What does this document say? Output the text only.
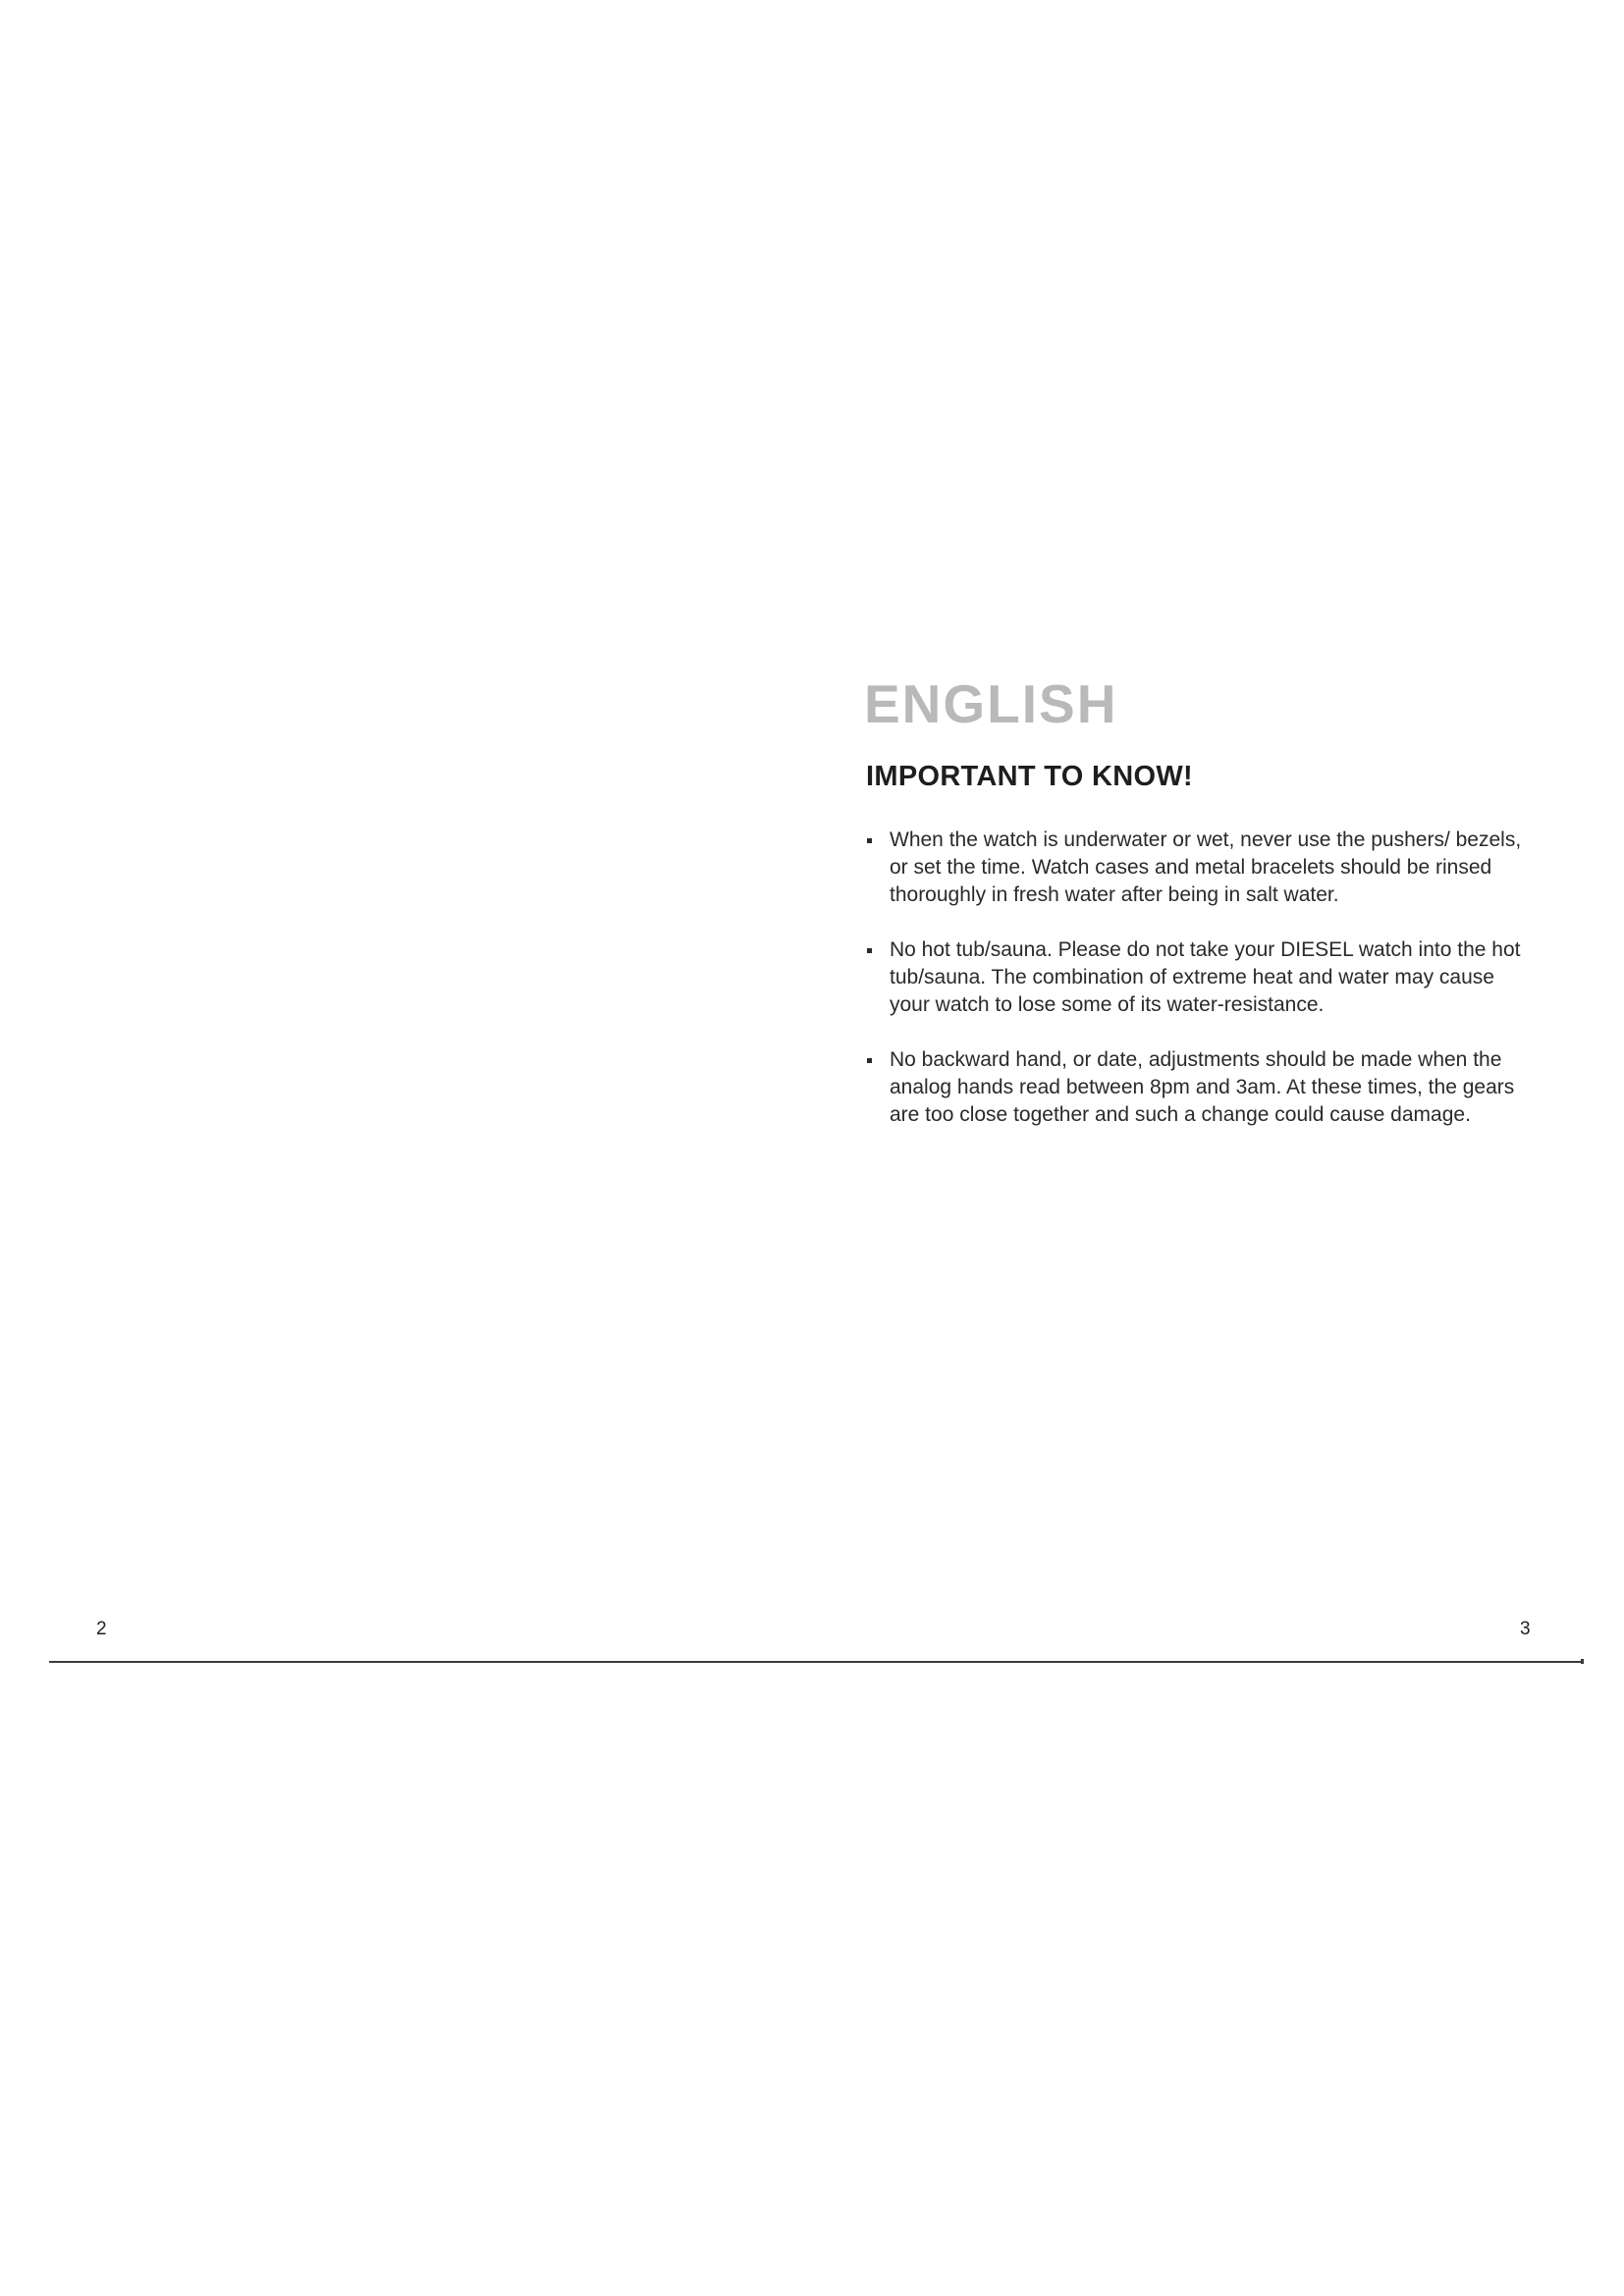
ENGLISH
IMPORTANT TO KNOW!
When the watch is underwater or wet, never use the pushers/ bezels, or set the time. Watch cases and metal bracelets should be rinsed thoroughly in fresh water after being in salt water.
No hot tub/sauna. Please do not take your DIESEL watch into the hot tub/sauna. The combination of extreme heat and water may cause your watch to lose some of its water-resistance.
No backward hand, or date, adjustments should be made when the analog hands read between 8pm and 3am. At these times, the gears are too close together and such a change could cause damage.
2	3
